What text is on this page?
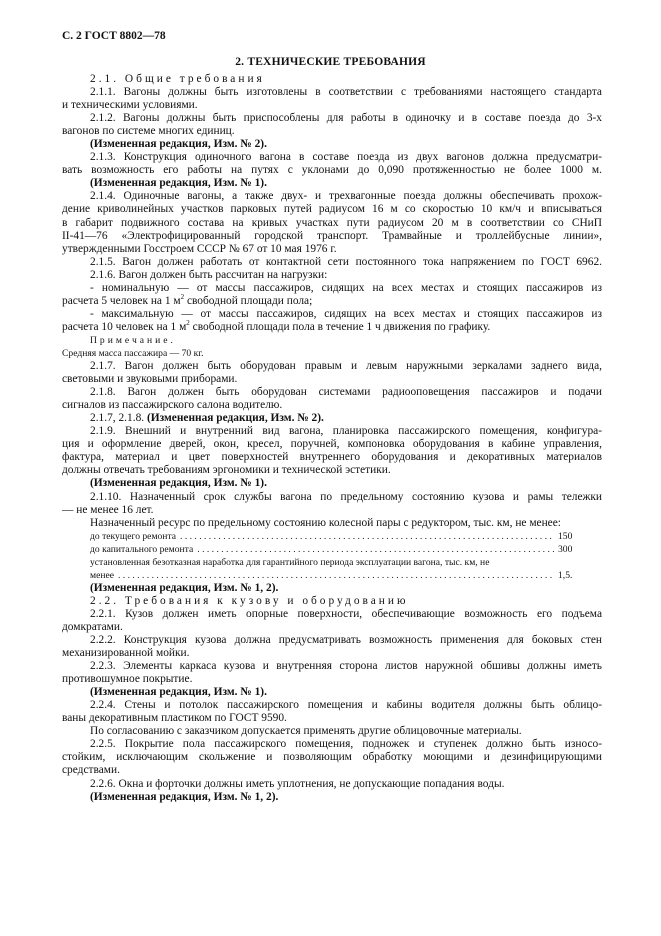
С. 2 ГОСТ 8802—78
2. ТЕХНИЧЕСКИЕ ТРЕБОВАНИЯ
2.1. Общие требования
2.1.1. Вагоны должны быть изготовлены в соответствии с требованиями настоящего стандарта
и техническими условиями.
2.1.2. Вагоны должны быть приспособлены для работы в одиночку и в составе поезда до 3-х
вагонов по системе многих единиц.
(Измененная редакция, Изм. № 2).
2.1.3. Конструкция одиночного вагона в составе поезда из двух вагонов должна предусматри-
вать возможность его работы на путях с уклонами до 0,090 протяженностью не более 1000 м.
(Измененная редакция, Изм. № 1).
2.1.4. Одиночные вагоны, а также двух- и трехвагонные поезда должны обеспечивать прохож-
дение криволинейных участков парковых путей радиусом 16 м со скоростью 10 км/ч и вписываться
в габарит подвижного состава на кривых участках пути радиусом 20 м в соответствии со СНиП
II-41—76 «Электрофицированный городской транспорт. Трамвайные и троллейбусные линии»,
утвержденными Госстроем СССР № 67 от 10 мая 1976 г.
2.1.5. Вагон должен работать от контактной сети постоянного тока напряжением по ГОСТ 6962.
2.1.6. Вагон должен быть рассчитан на нагрузки:
- номинальную — от массы пассажиров, сидящих на всех местах и стоящих пассажиров из
расчета 5 человек на 1 $м^2$ свободной площади пола;
- максимальную — от массы пассажиров, сидящих на всех местах и стоящих пассажиров из
расчета 10 человек на 1 $м^2$ свободной площади пола в течение 1 ч движения по графику.
Примечание.
Средняя масса пассажира — 70 кг.
2.1.7. Вагон должен быть оборудован правым и левым наружными зеркалами заднего вида,
световыми и звуковыми приборами.
2.1.8. Вагон должен быть оборудован системами радиооповещения пассажиров и подачи
сигналов из пассажирского салона водителю.
2.1.7, 2.1.8. (Измененная редакция, Изм. № 2).
2.1.9. Внешний и внутренний вид вагона, планировка пассажирского помещения, конфигура-
ция и оформление дверей, окон, кресел, поручней, компоновка оборудования в кабине управления,
фактура, материал и цвет поверхностей внутреннего оборудования и декоративных материалов
должны отвечать требованиям эргономики и технической эстетики.
(Измененная редакция, Изм. № 1).
2.1.10. Назначенный срок службы вагона по предельному состоянию кузова и рамы тележки
— не менее 16 лет.
Назначенный ресурс по предельному состоянию колесной пары с редуктором, тыс. км, не менее:
до текущего ремонта . . .	150
до капитального ремонта . . .	300
установленная безотказная наработка для гарантийного периода эксплуатации вагона, тыс. км, не
менее . . .	1,5.
(Измененная редакция, Изм. № 1, 2).
2.2. Требования к кузову и оборудованию
2.2.1. Кузов должен иметь опорные поверхности, обеспечивающие возможность его подъема
домкратами.
2.2.2. Конструкция кузова должна предусматривать возможность применения для боковых стен
механизированной мойки.
2.2.3. Элементы каркаса кузова и внутренняя сторона листов наружной обшивы должны иметь
противошумное покрытие.
(Измененная редакция, Изм. № 1).
2.2.4. Стены и потолок пассажирского помещения и кабины водителя должны быть облицо-
ваны декоративным пластиком по ГОСТ 9590.
По согласованию с заказчиком допускается применять другие облицовочные материалы.
2.2.5. Покрытие пола пассажирского помещения, подножек и ступенек должно быть износо-
стойким, исключающим скольжение и позволяющим обработку моющими и дезинфицирующими
средствами.
2.2.6. Окна и форточки должны иметь уплотнения, не допускающие попадания воды.
(Измененная редакция, Изм. № 1, 2).
